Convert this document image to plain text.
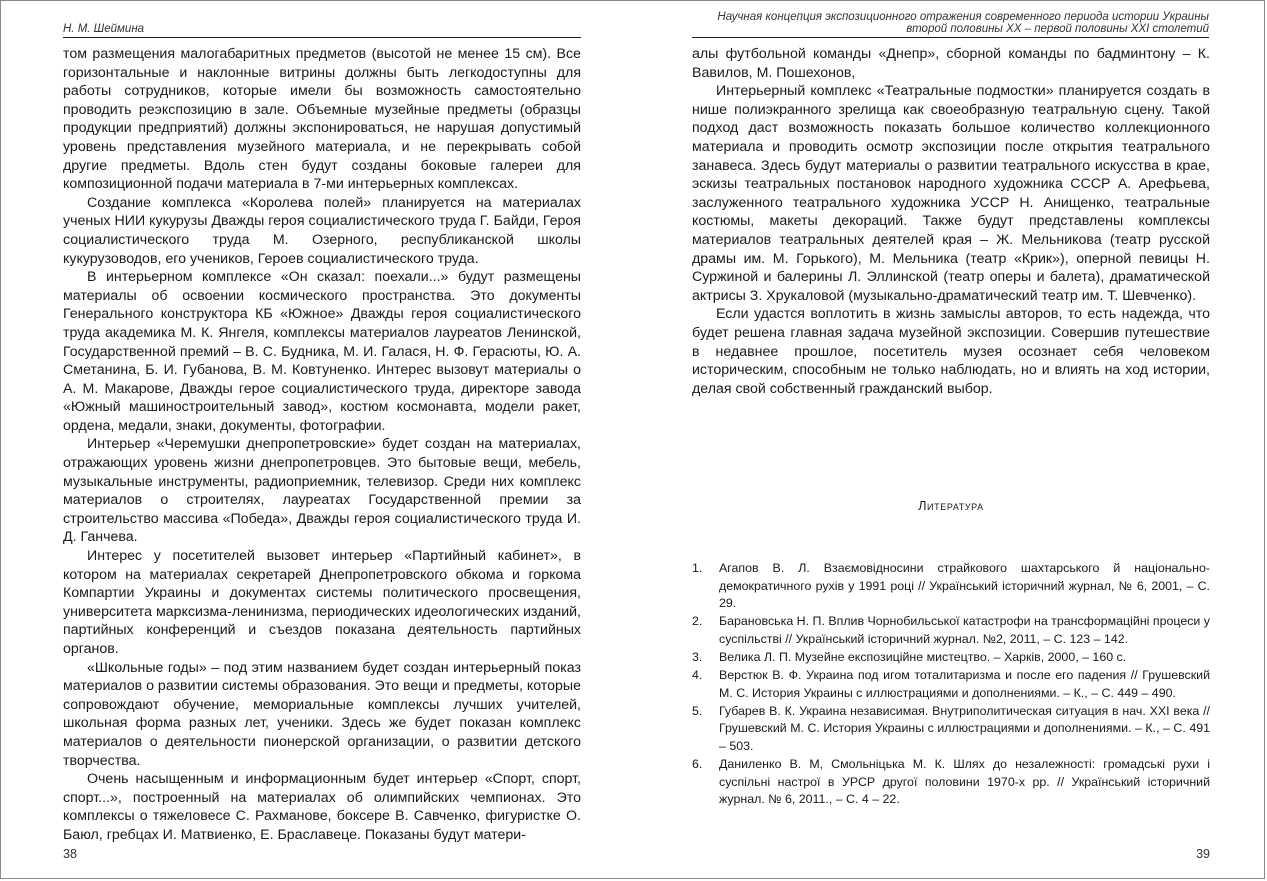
Н. М. Шеймина

том размещения малогабаритных предметов (высотой не менее 15 см). Все горизонтальные и наклонные витрины должны быть легкодоступны для работы сотрудников, которые имели бы возможность самостоятельно проводить реэкспозицию в зале. Объемные музейные предметы (образцы продукции предприятий) должны экспонироваться, не нарушая допустимый уровень представления музейного материала, и не перекрывать собой другие предметы. Вдоль стен будут созданы боковые галереи для композиционной подачи материала в 7-ми интерьерных комплексах.

Создание комплекса «Королева полей» планируется на материалах ученых НИИ кукурузы Дважды героя социалистического труда Г. Байди, Героя социалистического труда М. Озерного, республиканской школы кукурузоводов, его учеников, Героев социалистического труда.

В интерьерном комплексе «Он сказал: поехали...» будут размещены материалы об освоении космического пространства. Это документы Генерального конструктора КБ «Южное» Дважды героя социалистического труда академика М. К. Янгеля, комплексы материалов лауреатов Ленинской, Государственной премий – В. С. Будника, М. И. Галася, Н. Ф. Герасюты, Ю. А. Сметанина, Б. И. Губанова, В. М. Ковтуненко. Интерес вызовут материалы о А. М. Макарове, Дважды герое социалистического труда, директоре завода «Южный машиностроительный завод», костюм космонавта, модели ракет, ордена, медали, знаки, документы, фотографии.

Интерьер «Черемушки днепропетровские» будет создан на материалах, отражающих уровень жизни днепропетровцев. Это бытовые вещи, мебель, музыкальные инструменты, радиоприемник, телевизор. Среди них комплекс материалов о строителях, лауреатах Государственной премии за строительство массива «Победа», Дважды героя социалистического труда И. Д. Ганчева.

Интерес у посетителей вызовет интерьер «Партийный кабинет», в котором на материалах секретарей Днепропетровского обкома и горкома Компартии Украины и документах системы политического просвещения, университета марксизма-ленинизма, периодических идеологических изданий, партийных конференций и съездов показана деятельность партийных органов.

«Школьные годы» – под этим названием будет создан интерьерный показ материалов о развитии системы образования. Это вещи и предметы, которые сопровождают обучение, мемориальные комплексы лучших учителей, школьная форма разных лет, ученики. Здесь же будет показан комплекс материалов о деятельности пионерской организации, о развитии детского творчества.

Очень насыщенным и информационным будет интерьер «Спорт, спорт, спорт...», построенный на материалах об олимпийских чемпионах. Это комплексы о тяжеловесе С. Рахманове, боксере В. Савченко, фигуристке О. Баюл, гребцах И. Матвиенко, Е. Браславеце. Показаны будут матери-

38
Научная концепция экспозиционного отражения современного периода истории Украины
второй половины ХХ – первой половины ХХI столетий

алы футбольной команды «Днепр», сборной команды по бадминтону – К. Вавилов, М. Пошехонов,

Интерьерный комплекс «Театральные подмостки» планируется создать в нише полиэкранного зрелища как своеобразную театральную сцену. Такой подход даст возможность показать большое количество коллекционного материала и проводить осмотр экспозиции после открытия театрального занавеса. Здесь будут материалы о развитии театрального искусства в крае, эскизы театральных постановок народного художника СССР А. Арефьева, заслуженного театрального художника УССР Н. Анищенко, театральные костюмы, макеты декораций. Также будут представлены комплексы материалов театральных деятелей края – Ж. Мельникова (театр русской драмы им. М. Горького), М. Мельника (театр «Крик»), оперной певицы Н. Суржиной и балерины Л. Эллинской (театр оперы и балета), драматической актрисы З. Хрукаловой (музыкально-драматический театр им. Т. Шевченко).

Если удастся воплотить в жизнь замыслы авторов, то есть надежда, что будет решена главная задача музейной экспозиции. Совершив путешествие в недавнее прошлое, посетитель музея осознает себя человеком историческим, способным не только наблюдать, но и влиять на ход истории, делая свой собственный гражданский выбор.

Литература
1. Агапов В. Л. Взаємовідносини страйкового шахтарського й національно-демократичного рухів у 1991 році // Український історичний журнал, № 6, 2001, – С. 29.
2. Барановська Н. П. Вплив Чорнобильської катастрофи на трансформаційні процеси у суспільстві // Український історичний журнал. №2, 2011, – С. 123 – 142.
3. Велика Л. П. Музейне експозиційне мистецтво. – Харків, 2000, – 160 с.
4. Верстюк В. Ф. Украина под игом тоталитаризма и после его падения // Грушевский М. С. История Украины с иллюстрациями и дополнениями. – К., – С. 449 – 490.
5. Губарев В. К. Украина независимая. Внутриполитическая ситуация в нач. XXI века // Грушевский М. С. История Украины с иллюстрациями и дополнениями. – К., – С. 491 – 503.
6. Даниленко В. М, Смольніцька М. К. Шлях до незалежності: громадські рухи і суспільні настрої в УРСР другої половини 1970-х рр. // Український історичний журнал. № 6, 2011., – С. 4 – 22.
39
